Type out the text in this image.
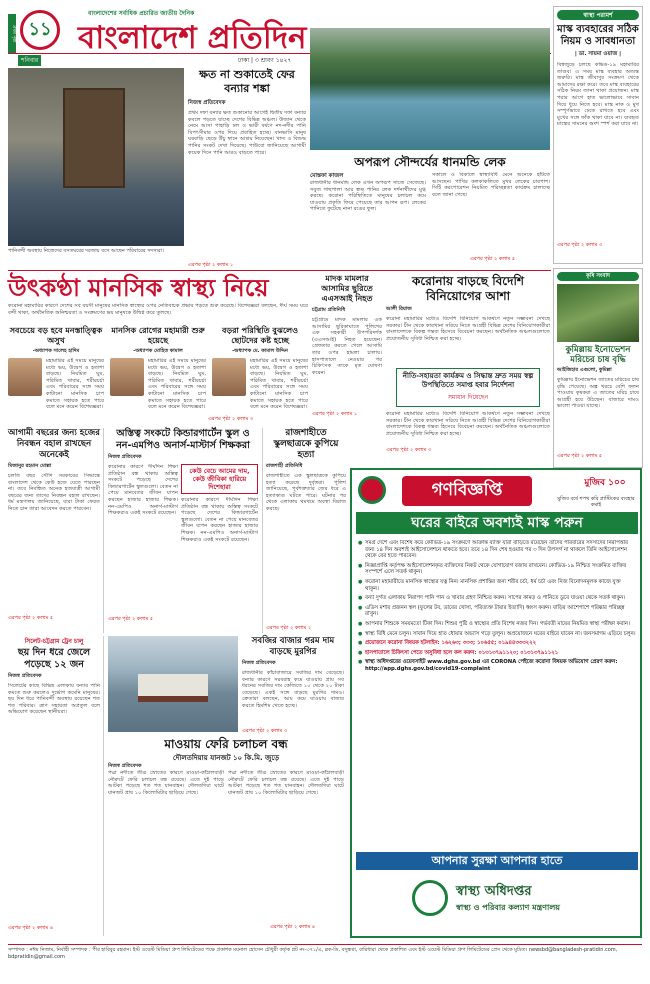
প্রথম পৃষ্ঠা ১১
বাংলাদেশের সর্বাধিক প্রচারিত জাতীয় দৈনিক
বাংলাদেশ প্রতিদিন
শনিবার	ঢাকা | ৩ শ্রাবণ ১৪২৭
স্বাস্থ্য পরামর্শ
মাস্ক ব্যবহারের সঠিক নিয়ম ও সাবধানতা
| ডা. সায়মা ওয়াজ |
বিশ্বজুড়ে চলছে কভিড-১৯ মহামারির তাণ্ডব। এ সময় মাস্ক ব্যবহার অত্যন্ত জরুরি। মাস্ক জীবাণুর সংক্রমণ থেকে আমাদের রক্ষা করে। তবে মাস্ক ব্যবহারের সঠিক নিয়ম জানা থাকা প্রয়োজন। মাস্ক পরার আগে হাত ভালোভাবে সাবান দিয়ে ধুয়ে নিতে হবে। মাস্ক নাক ও মুখ সম্পূর্ণভাবে ঢেকে রাখতে হবে এবং মুখের সঙ্গে ফাঁক থাকা যাবে না। ব্যবহৃত মাস্কের সামনের অংশ স্পর্শ করা যাবে না।
এরপর পৃষ্ঠা ২ কলাম ৩
কৃষি সংবাদ
কুমিল্লায় ইনোভেশন মরিচের চাষ বৃদ্ধি
আইজিহার এগুলো, কুমিল্লা
কুমিল্লায় ইনোভেশন জাতের মরিচের চাষ বৃদ্ধি পেয়েছে। অল্প খরচে বেশি ফলন পাওয়ায় কৃষকরা এ জাতের মরিচ চাষে আগ্রহী হয়ে উঠছেন। বাজারে দামও ভালো পাওয়া যাচ্ছে।
এরপর পৃষ্ঠা ২ কলাম ৫
পানিবন্দী অবস্থায় নিজেদের বসতঘরের দরজায় বসে আছেন পরিবারের সদস্যরা।
ক্ষত না শুকাতেই ফের বন্যার শঙ্কা
নিজস্ব প্রতিবেদক
প্রথম দফা বন্যার ক্ষত শুকানোর আগেই দ্বিতীয় দফা বন্যার কবলে পড়তে যাচ্ছে দেশের বিভিন্ন অঞ্চল। উজান থেকে নেমে আসা পাহাড়ি ঢল ও ভারী বর্ষণে নদ-নদীর পানি বিপৎসীমার ওপর দিয়ে প্রবাহিত হচ্ছে। বানভাসি মানুষ ঘরবাড়ি ছেড়ে উঁচু স্থানে আশ্রয় নিয়েছেন। খাদ্য ও বিশুদ্ধ পানির সংকট দেখা দিয়েছে। পাউবো জানিয়েছে আগামী কয়েক দিনে পানি আরও বাড়তে পারে।
এরপর পৃষ্ঠা ২ কলাম ১
অপরূপ সৌন্দর্যের ধানমন্ডি লেক
মোস্তফা কাজল
রাজধানীর ধানমন্ডি লেক এখন অপরূপ সাজে সেজেছে। সবুজ গাছপালা আর স্বচ্ছ পানির লেক দর্শনার্থীদের মুগ্ধ করছে। করোনা পরিস্থিতিতে মানুষের চলাচল কমে যাওয়ায় প্রকৃতি ফিরে পেয়েছে তার আপন রূপ। লেকের পানিতে ফুটেছে নানা রঙের ফুল।
সকালে ও বিকালে স্বাস্থ্যবিধি মেনে অনেকে হাঁটতে আসছেন। পাখির কলকাকলিতে মুখর লেকের চারপাশ। সিটি করপোরেশন নিয়মিত পরিচ্ছন্নতা কার্যক্রম চালাচ্ছে বলে জানা গেছে।
এরপর পৃষ্ঠা ২ কলাম ৫
উৎকণ্ঠা মানসিক স্বাস্থ্য নিয়ে
করোনা মহামারির কারণে দেশের সব বয়সী মানুষের মানসিক স্বাস্থ্যের ওপর নেতিবাচক প্রভাব পড়তে শুরু করেছে। বিশেষজ্ঞরা বলছেন, দীর্ঘ সময় ঘরে বন্দী থাকা, অর্থনৈতিক অনিশ্চয়তা ও সংক্রমণের ভয় মানুষকে উদ্বিগ্ন করে তুলছে।
সবচেয়ে বড় হবে মনস্তাত্ত্বিক অসুখ
-অধ্যাপক সালেহ হাদিম
মহামারির এই সময়ে মানুষের মধ্যে ভয়, উদ্বেগ ও হতাশা বাড়ছে। নিয়মিত ঘুম, পরিমিত খাবার, শরীরচর্চা এবং পরিবারের সঙ্গে সময় কাটানো মানসিক চাপ কমাতে সহায়ক হতে পারে বলে মনে করেন বিশেষজ্ঞরা।
মানসিক রোগের মহামারী শুরু হয়েছে
-অধ্যাপক মোহিত কামাল
মহামারির এই সময়ে মানুষের মধ্যে ভয়, উদ্বেগ ও হতাশা বাড়ছে। নিয়মিত ঘুম, পরিমিত খাবার, শরীরচর্চা এবং পরিবারের সঙ্গে সময় কাটানো মানসিক চাপ কমাতে সহায়ক হতে পারে বলে মনে করেন বিশেষজ্ঞরা।
বড়রা পরিস্থিতি বুঝলেও ছোটদের কষ্ট হচ্ছে
-অধ্যাপক মে. কামাল উদ্দিন
মহামারির এই সময়ে মানুষের মধ্যে ভয়, উদ্বেগ ও হতাশা বাড়ছে। নিয়মিত ঘুম, পরিমিত খাবার, শরীরচর্চা এবং পরিবারের সঙ্গে সময় কাটানো মানসিক চাপ কমাতে সহায়ক হতে পারে বলে মনে করেন বিশেষজ্ঞরা।
এরপর পৃষ্ঠা ২ কলাম ৩
মাদক মামলার আসামির ছুরিতে এএসআই নিহত
চট্টগ্রাম প্রতিনিধি
চট্টগ্রামে মাদক মামলার এক আসামির ছুরিকাঘাতে পুলিশের এক সহকারী উপপরিদর্শক (এএসআই) নিহত হয়েছেন। গ্রেফতার করতে গেলে আসামি তার ওপর হামলা চালায়। হাসপাতালে নেওয়ার পর চিকিৎসক তাকে মৃত ঘোষণা করেন।
এরপর পৃষ্ঠা ২ কলাম ১
করোনায় বাড়ছে বিদেশি বিনিয়োগের আশা
আলী রিয়াজ
করোনা মহামারির মধ্যেও বিদেশি বিনিয়োগ আকর্ষণে নতুন সম্ভাবনা দেখছে সরকার। চীন থেকে কারখানা সরিয়ে নিতে আগ্রহী বিভিন্ন দেশের বিনিয়োগকারীরা বাংলাদেশকে বিকল্প গন্তব্য হিসেবে বিবেচনা করছেন। অর্থনৈতিক অঞ্চলগুলোতে প্রয়োজনীয় সুবিধা নিশ্চিত করা হচ্ছে।
নীতি-সহায়তা কার্যক্রম ও সিদ্ধান্ত দ্রুত সময় স্বল্প উপস্থিতিতে সমাপ্ত হবার নির্দেশনা
সমাধান দিয়েছেন
করোনা মহামারির মধ্যেও বিদেশি বিনিয়োগ আকর্ষণে নতুন সম্ভাবনা দেখছে সরকার। চীন থেকে কারখানা সরিয়ে নিতে আগ্রহী বিভিন্ন দেশের বিনিয়োগকারীরা বাংলাদেশকে বিকল্প গন্তব্য হিসেবে বিবেচনা করছেন। অর্থনৈতিক অঞ্চলগুলোতে প্রয়োজনীয় সুবিধা নিশ্চিত করা হচ্ছে।
এরপর পৃষ্ঠা ২ কলাম ৩
আগামী বছরের জন্য হজের নিবন্ধন বহাল রাখছেন অনেকেই
মিজানুর রহমান মোল্লা
চলতি বছর সৌদি সরকারের সিদ্ধান্তে বাংলাদেশ থেকে কেউ হজে যেতে পারছেন না। তবে নিবন্ধিত অনেক হজযাত্রী আগামী বছরের জন্য তাদের নিবন্ধন বহাল রাখছেন। ধর্ম মন্ত্রণালয় জানিয়েছে, যারা টাকা ফেরত নিতে চান তারা আবেদন করতে পারবেন।
এরপর পৃষ্ঠা ২ কলাম ৫
অস্তিত্ব সংকটে কিন্ডারগার্টেন স্কুল ও নন-এমপিও অনার্স-মাস্টার্স শিক্ষকরা
নিজস্ব প্রতিবেদক
করোনার কারণে দীর্ঘদিন শিক্ষা প্রতিষ্ঠান বন্ধ থাকায় অস্তিত্ব সংকটে পড়েছে দেশের কিন্ডারগার্টেন স্কুলগুলো। বেতন না পেয়ে মানবেতর জীবন যাপন করছেন হাজার হাজার শিক্ষক। নন-এমপিও অনার্স-মাস্টার্স শিক্ষকরাও একই সংকটে রয়েছেন।
কেউ বেচে আমের দাম, কেউ জীবিকা হারিয়ে দিশেহারা
করোনার কারণে দীর্ঘদিন শিক্ষা প্রতিষ্ঠান বন্ধ থাকায় অস্তিত্ব সংকটে পড়েছে দেশের কিন্ডারগার্টেন স্কুলগুলো। বেতন না পেয়ে মানবেতর জীবন যাপন করছেন হাজার হাজার শিক্ষক। নন-এমপিও অনার্স-মাস্টার্স শিক্ষকরাও একই সংকটে রয়েছেন।
এরপর পৃষ্ঠা ২ কলাম ৫
রাজশাহীতে স্কুলছাত্রকে কুপিয়ে হত্যা
রাজশাহী প্রতিনিধি
রাজশাহীতে এক স্কুলছাত্রকে কুপিয়ে হত্যা করেছে দুর্বৃত্তরা। পুলিশ জানিয়েছে, পূর্বশত্রুতার জের ধরে এ হত্যাকাণ্ড ঘটতে পারে। ঘটনার পর থেকে এলাকায় থমথমে অবস্থা বিরাজ করছে।
এরপর পৃষ্ঠা ২ কলাম ২
সিলেট-চট্টগ্রাম ট্রেন চালু
ছয় দিন ধরে জেলে পড়েছে ১২ জন
নিজস্ব প্রতিবেদক
সিলেটের কাছে বিভিন্ন এলাকায় বন্যার পানি কমতে শুরু করলেও দুর্ভোগ কমেনি মানুষের। ছয় দিন ধরে পানিবন্দী অবস্থায় রয়েছেন শত শত পরিবার। ত্রাণ সহায়তা অপ্রতুল বলে অভিযোগ করেছেন স্থানীয়রা।
এরপর পৃষ্ঠা ২ কলাম ৪
মাওয়ায় ফেরি চলাচল বন্ধ
দৌলতদিয়ায় যানজট ১০ কি.মি. জুড়ে
নিজস্ব প্রতিবেদক
পদ্মা নদীতে তীব্র স্রোতের কারণে মাওয়া-কাঁঠালবাড়ী নৌরুটে ফেরি চলাচল বন্ধ রয়েছে। এতে দুই পাড়ে আটকা পড়েছে শত শত যানবাহন। দৌলতদিয়া ঘাটে যানজট প্রায় ১০ কিলোমিটার ছাড়িয়ে গেছে।
পদ্মা নদীতে তীব্র স্রোতের কারণে মাওয়া-কাঁঠালবাড়ী নৌরুটে ফেরি চলাচল বন্ধ রয়েছে। এতে দুই পাড়ে আটকা পড়েছে শত শত যানবাহন। দৌলতদিয়া ঘাটে যানজট প্রায় ১০ কিলোমিটার ছাড়িয়ে গেছে।
এরপর পৃষ্ঠা ২ কলাম ৪
সবজির বাজার গরম দাম বাড়ছে মুরগির
নিজস্ব প্রতিবেদক
রাজধানীর কাঁচাবাজারে সবজির দাম বেড়েছে। বন্যার কারণে সরবরাহ কমে যাওয়ায় প্রায় সব ধরনের সবজির দাম কেজিতে ১০ থেকে ২০ টাকা বেড়েছে। একই সঙ্গে বাড়ছে মুরগির দামও। ক্রেতারা বলছেন, আয় কমে যাওয়ায় বাজার করতে হিমশিম খেতে হচ্ছে।
এরপর পৃষ্ঠা ২ কলাম ৩
গণবিজ্ঞপ্তি	মুজিব ১০০
মুজিব বর্ষে শপথ করি প্লাস্টিকের ব্যবহার কমাই
ঘরের বাইরে অবশ্যই মাস্ক পরুন
● সমগ্র দেশে এবং বিশেষ করে কোভিড-১৯ সংক্রমণে আক্রান্ত ব্যক্তি যারা বাড়িতে রয়েছেন তাদের পরিবারের সদস্যদের নিরাপত্তার জন্য ১৪ দিন অবশ্যই আইসোলেশনে থাকতে হবে। তবে ১৪ দিন শেষ হওয়ার পর ৩ দিন উপসর্গ না থাকলে তিনি আইসোলেশন থেকে বের হতে পারবেন।
● নিজ্ঞাপ্রাপ্তি কর্তৃপক্ষ আইসোলেশনকৃত ব্যক্তিদের নিকট থেকে যোগাযোগ বজায় রাখবেন। কোভিড-১৯ নিশ্চিত সংক্রমিত ব্যক্তির সংস্পর্শে এলে সতর্ক থাকুন।
● করোনা মহামারীতে মানসিক স্বাস্থ্যের যত্ন নিন। মানসিক প্রশান্তির জন্য শরীর চর্চা, ধর্ম চর্চা এবং নিজ বিনোদনমূলক কাজে যুক্ত থাকুন।
● বন্যা দুর্গত এলাকায় নিরাপদ পানি পান ও খাবার গ্রহণ নিশ্চিত করুন। সাপের কামড় ও পানিতে ডুবে যাওয়া থেকে সতর্ক থাকুন।
● এডিস মশার প্রজনন স্থল (ফুলের টব, ডাবের খোসা, পরিত্যক্ত টায়ার ইত্যাদি) ধ্বংস করুন। বাড়ির আশেপাশে পরিষ্কার পরিচ্ছন্ন রাখুন।
● আপনার শিশুকে সময়মতো টিকা দিন। শিশুর পুষ্টি ও স্বাস্থ্যের প্রতি বিশেষ নজর দিন। গর্ভবতী মায়ের নিয়মিত স্বাস্থ্য পরীক্ষা করান।
● স্বাস্থ্য বিধি মেনে চলুন। সাবান দিয়ে হাত ধোয়ার অভ্যাস গড়ে তুলুন। অপ্রয়োজনে ঘরের বাইরে যাবেন না। জনসমাগম এড়িয়ে চলুন।
● প্রয়োজনে করোনা বিষয়ক হটলাইন: ১৬২৬৩; ৩৩৩; ১০৬৫৫; ০১৯৪৪৩৩৩২২২
● হাসপাতালে চিকিৎসা পেতে অসুবিধা হলে কল করুন: ০১৩১৩৭৯১১২০; ০১৩১৩৭৯১১২১
● স্বাস্থ্য অধিদপ্তরের ওয়েবসাইট www.dghs.gov.bd এর CORONA পেইজে করোনা বিষয়ক অভিযোগ প্রেরণ করুন: http://app.dghs.gov.bd/covid19-complaint
আপনার সুরক্ষা আপনার হাতে
স্বাস্থ্য অধিদপ্তর
স্বাস্থ্য ও পরিবার কল্যাণ মন্ত্রণালয়
সম্পাদক : নঈম নিজাম, নির্বাহী সম্পাদক : পীর হাবিবুর রহমান। ইস্ট ওয়েস্ট মিডিয়া গ্রুপ লিমিটেডের পক্ষে প্রকাশক ময়নাল হোসেন চৌধুরী কর্তৃক প্লট নং-৩৭১/এ, ব্লক-ডি, বসুন্ধরা, বারিধারা থেকে প্রকাশিত এবং ইস্ট ওয়েস্ট মিডিয়া গ্রুপ লিমিটেডের প্রেস থেকে মুদ্রিত। newsbd@bangladesh-pratidin.com, bdpratidin@gmail.com
